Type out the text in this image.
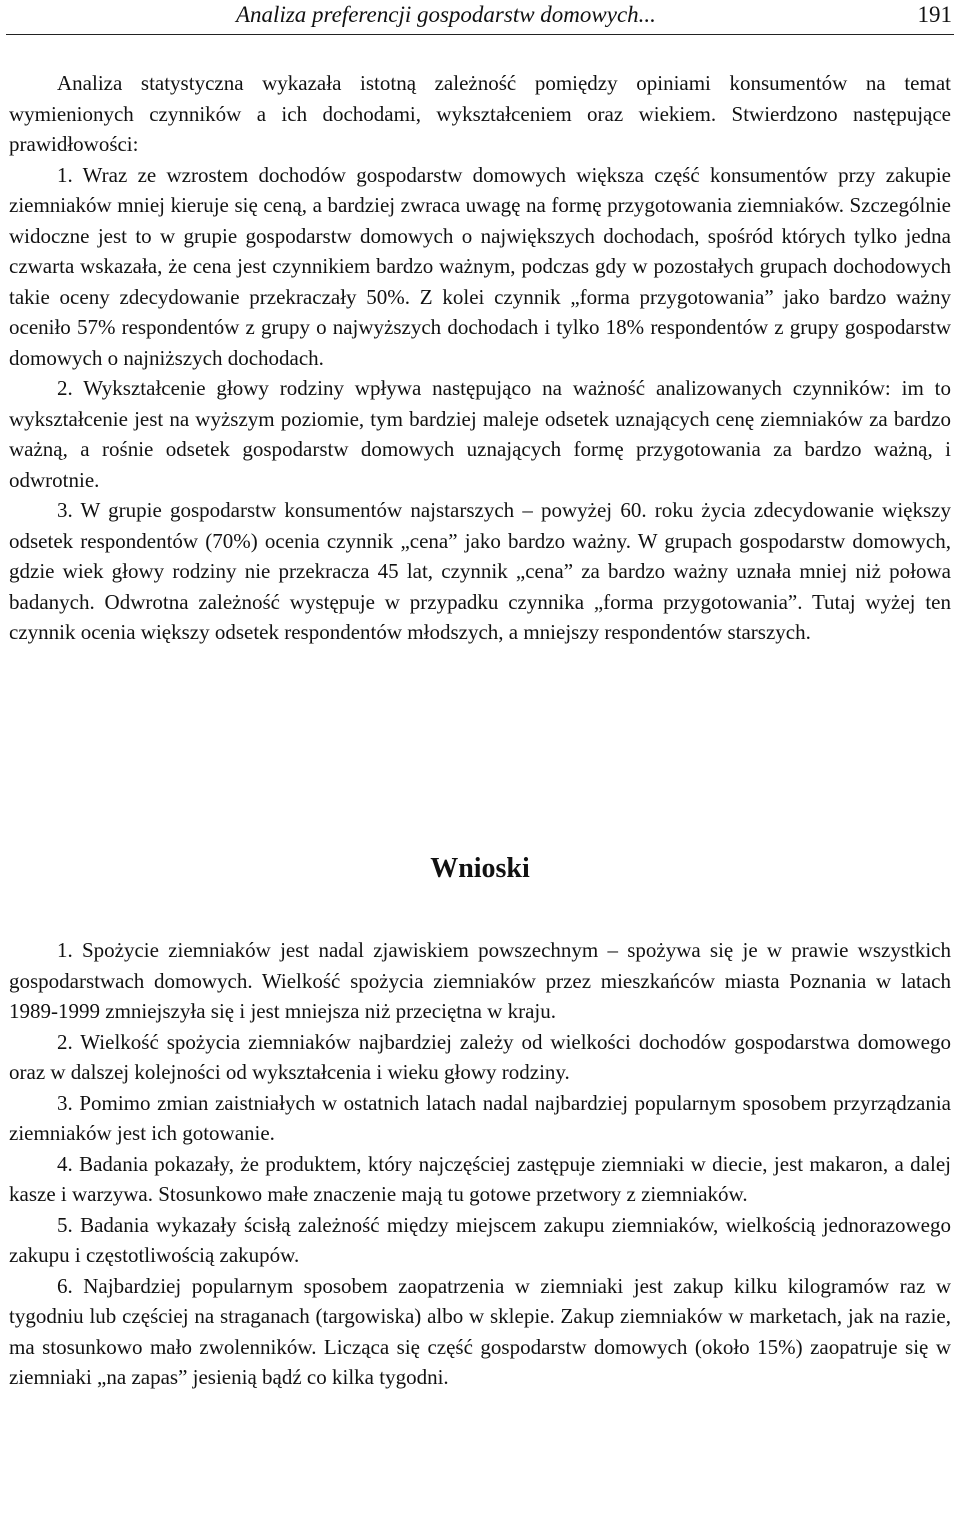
Analiza preferencji gospodarstw domowych...	191

Analiza statystyczna wykazała istotną zależność pomiędzy opiniami konsumentów na temat wymienionych czynników a ich dochodami, wykształceniem oraz wiekiem. Stwierdzono następujące prawidłowości:

1. Wraz ze wzrostem dochodów gospodarstw domowych większa część konsumentów przy zakupie ziemniaków mniej kieruje się ceną, a bardziej zwraca uwagę na formę przygotowania ziemniaków. Szczególnie widoczne jest to w grupie gospodarstw domowych o największych dochodach, spośród których tylko jedna czwarta wskazała, że cena jest czynnikiem bardzo ważnym, podczas gdy w pozostałych grupach dochodowych takie oceny zdecydowanie przekraczały 50%. Z kolei czynnik „forma przygotowania” jako bardzo ważny oceniło 57% respondentów z grupy o najwyższych dochodach i tylko 18% respondentów z grupy gospodarstw domowych o najniższych dochodach.

2. Wykształcenie głowy rodziny wpływa następująco na ważność analizowanych czynników: im to wykształcenie jest na wyższym poziomie, tym bardziej maleje odsetek uznających cenę ziemniaków za bardzo ważną, a rośnie odsetek gospodarstw domowych uznających formę przygotowania za bardzo ważną, i odwrotnie.

3. W grupie gospodarstw konsumentów najstarszych – powyżej 60. roku życia zdecydowanie większy odsetek respondentów (70%) ocenia czynnik „cena” jako bardzo ważny. W grupach gospodarstw domowych, gdzie wiek głowy rodziny nie przekracza 45 lat, czynnik „cena” za bardzo ważny uznała mniej niż połowa badanych. Odwrotna zależność występuje w przypadku czynnika „forma przygotowania”. Tutaj wyżej ten czynnik ocenia większy odsetek respondentów młodszych, a mniejszy respondentów starszych.

Wnioski

1. Spożycie ziemniaków jest nadal zjawiskiem powszechnym – spożywa się je w prawie wszystkich gospodarstwach domowych. Wielkość spożycia ziemniaków przez mieszkańców miasta Poznania w latach 1989-1999 zmniejszyła się i jest mniejsza niż przeciętna w kraju.

2. Wielkość spożycia ziemniaków najbardziej zależy od wielkości dochodów gospodarstwa domowego oraz w dalszej kolejności od wykształcenia i wieku głowy rodziny.

3. Pomimo zmian zaistniałych w ostatnich latach nadal najbardziej popularnym sposobem przyrządzania ziemniaków jest ich gotowanie.

4. Badania pokazały, że produktem, który najczęściej zastępuje ziemniaki w diecie, jest makaron, a dalej kasze i warzywa. Stosunkowo małe znaczenie mają tu gotowe przetwory z ziemniaków.

5. Badania wykazały ścisłą zależność między miejscem zakupu ziemniaków, wielkością jednorazowego zakupu i częstotliwością zakupów.

6. Najbardziej popularnym sposobem zaopatrzenia w ziemniaki jest zakup kilku kilogramów raz w tygodniu lub częściej na straganach (targowiska) albo w sklepie. Zakup ziemniaków w marketach, jak na razie, ma stosunkowo mało zwolenników. Licząca się część gospodarstw domowych (około 15%) zaopatruje się w ziemniaki „na zapas” jesienią bądź co kilka tygodni.
